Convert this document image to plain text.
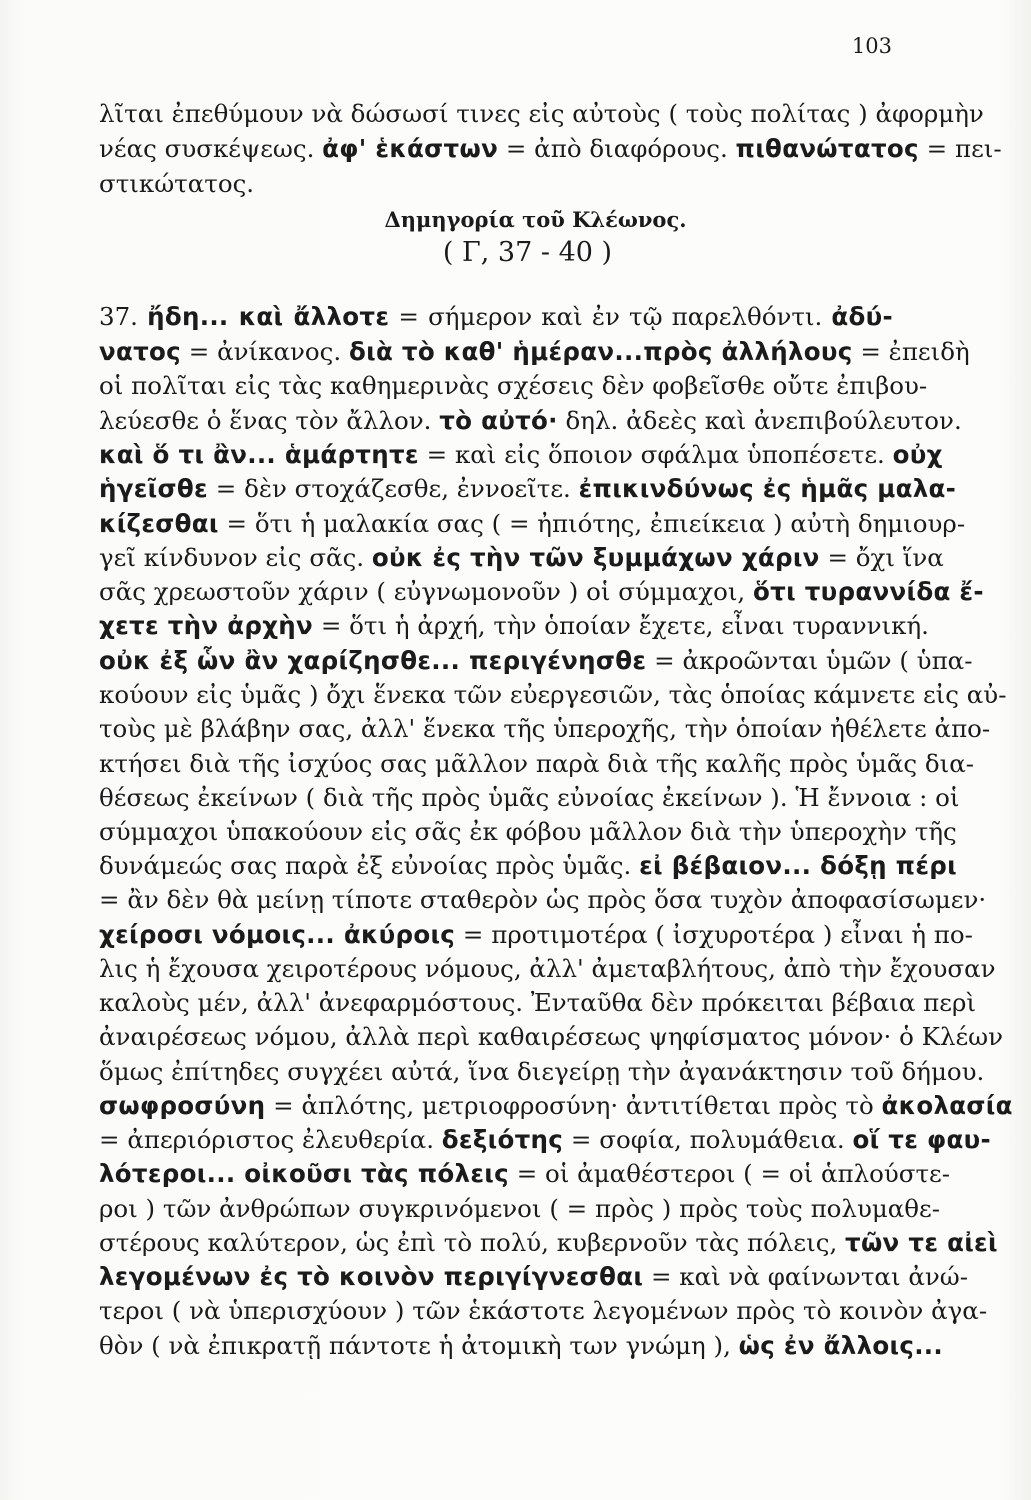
103
Δημηγορία τοῦ Κλέωνος.
( Γ, 37 - 40 )
λῖται ἐπεθύμουν νὰ δώσωσί τινες εἰς αὐτοὺς ( τοὺς πολίτας ) ἀφορμὴν
νέας συσκέψεως. ἀφ' ἑκάστων = ἀπὸ διαφόρους. πιθανώτατος = πει-
στικώτατος.
37. ἤδη... καὶ ἄλλοτε = σήμερον καὶ ἐν τῷ παρελθόντι. ἀδύ-
νατος = ἀνίκανος. διὰ τὸ καθ' ἡμέραν...πρὸς ἀλλήλους = ἐπειδὴ
οἱ πολῖται εἰς τὰς καθημερινὰς σχέσεις δὲν φοβεῖσθε οὔτε ἐπιβου-
λεύεσθε ὁ ἕνας τὸν ἄλλον. τὸ αὐτό· δηλ. ἀδεὲς καὶ ἀνεπιβούλευτον.
καὶ ὅ τι ἂν... ἁμάρτητε = καὶ εἰς ὅποιον σφάλμα ὑποπέσετε. οὐχ
ἡγεῖσθε = δὲν στοχάζεσθε, ἐννοεῖτε. ἐπικινδύνως ἐς ἡμᾶς μαλα-
κίζεσθαι = ὅτι ἡ μαλακία σας ( = ἠπιότης, ἐπιείκεια ) αὐτὴ δημιουρ-
γεῖ κίνδυνον εἰς σᾶς. οὐκ ἐς τὴν τῶν ξυμμάχων χάριν = ὄχι ἵνα
σᾶς χρεωστοῦν χάριν ( εὐγνωμονοῦν ) οἱ σύμμαχοι, ὅτι τυραννίδα ἔ-
χετε τὴν ἀρχὴν = ὅτι ἡ ἀρχή, τὴν ὁποίαν ἔχετε, εἶναι τυραννική.
οὐκ ἐξ ὧν ἂν χαρίζησθε... περιγένησθε = ἀκροῶνται ὑμῶν ( ὑπα-
κούουν εἰς ὑμᾶς ) ὄχι ἕνεκα τῶν εὐεργεσιῶν, τὰς ὁποίας κάμνετε εἰς αὐ-
τοὺς μὲ βλάβην σας, ἀλλ' ἕνεκα τῆς ὑπεροχῆς, τὴν ὁποίαν ἠθέλετε ἀπο-
κτήσει διὰ τῆς ἰσχύος σας μᾶλλον παρὰ διὰ τῆς καλῆς πρὸς ὑμᾶς δια-
θέσεως ἐκείνων ( διὰ τῆς πρὸς ὑμᾶς εὐνοίας ἐκείνων ). Ἡ ἔννοια : οἱ
σύμμαχοι ὑπακούουν εἰς σᾶς ἐκ φόβου μᾶλλον διὰ τὴν ὑπεροχὴν τῆς
δυνάμεώς σας παρὰ ἐξ εὐνοίας πρὸς ὑμᾶς. εἰ βέβαιον... δόξῃ πέρι
= ἂν δὲν θὰ μείνῃ τίποτε σταθερὸν ὡς πρὸς ὅσα τυχὸν ἀποφασίσωμεν·
χείροσι νόμοις... ἀκύροις = προτιμοτέρα ( ἰσχυροτέρα ) εἶναι ἡ πο-
λις ἡ ἔχουσα χειροτέρους νόμους, ἀλλ' ἀμεταβλήτους, ἀπὸ τὴν ἔχουσαν
καλοὺς μέν, ἀλλ' ἀνεφαρμόστους. Ἐνταῦθα δὲν πρόκειται βέβαια περὶ
ἀναιρέσεως νόμου, ἀλλὰ περὶ καθαιρέσεως ψηφίσματος μόνον· ὁ Κλέων
ὅμως ἐπίτηδες συγχέει αὐτά, ἵνα διεγείρῃ τὴν ἀγανάκτησιν τοῦ δήμου.
σωφροσύνη = ἁπλότης, μετριοφροσύνη· ἀντιτίθεται πρὸς τὸ ἀκολασία
= ἀπεριόριστος ἐλευθερία. δεξιότης = σοφία, πολυμάθεια. οἵ τε φαυ-
λότεροι... οἰκοῦσι τὰς πόλεις = οἱ ἀμαθέστεροι ( = οἱ ἁπλούστε-
ροι ) τῶν ἀνθρώπων συγκρινόμενοι ( = πρὸς ) πρὸς τοὺς πολυμαθε-
στέρους καλύτερον, ὡς ἐπὶ τὸ πολύ, κυβερνοῦν τὰς πόλεις, τῶν τε αἰεὶ
λεγομένων ἐς τὸ κοινὸν περιγίγνεσθαι = καὶ νὰ φαίνωνται ἀνώ-
τεροι ( νὰ ὑπερισχύουν ) τῶν ἑκάστοτε λεγομένων πρὸς τὸ κοινὸν ἀγα-
θὸν ( νὰ ἐπικρατῇ πάντοτε ἡ ἀτομικὴ των γνώμη ), ὡς ἐν ἄλλοις...
